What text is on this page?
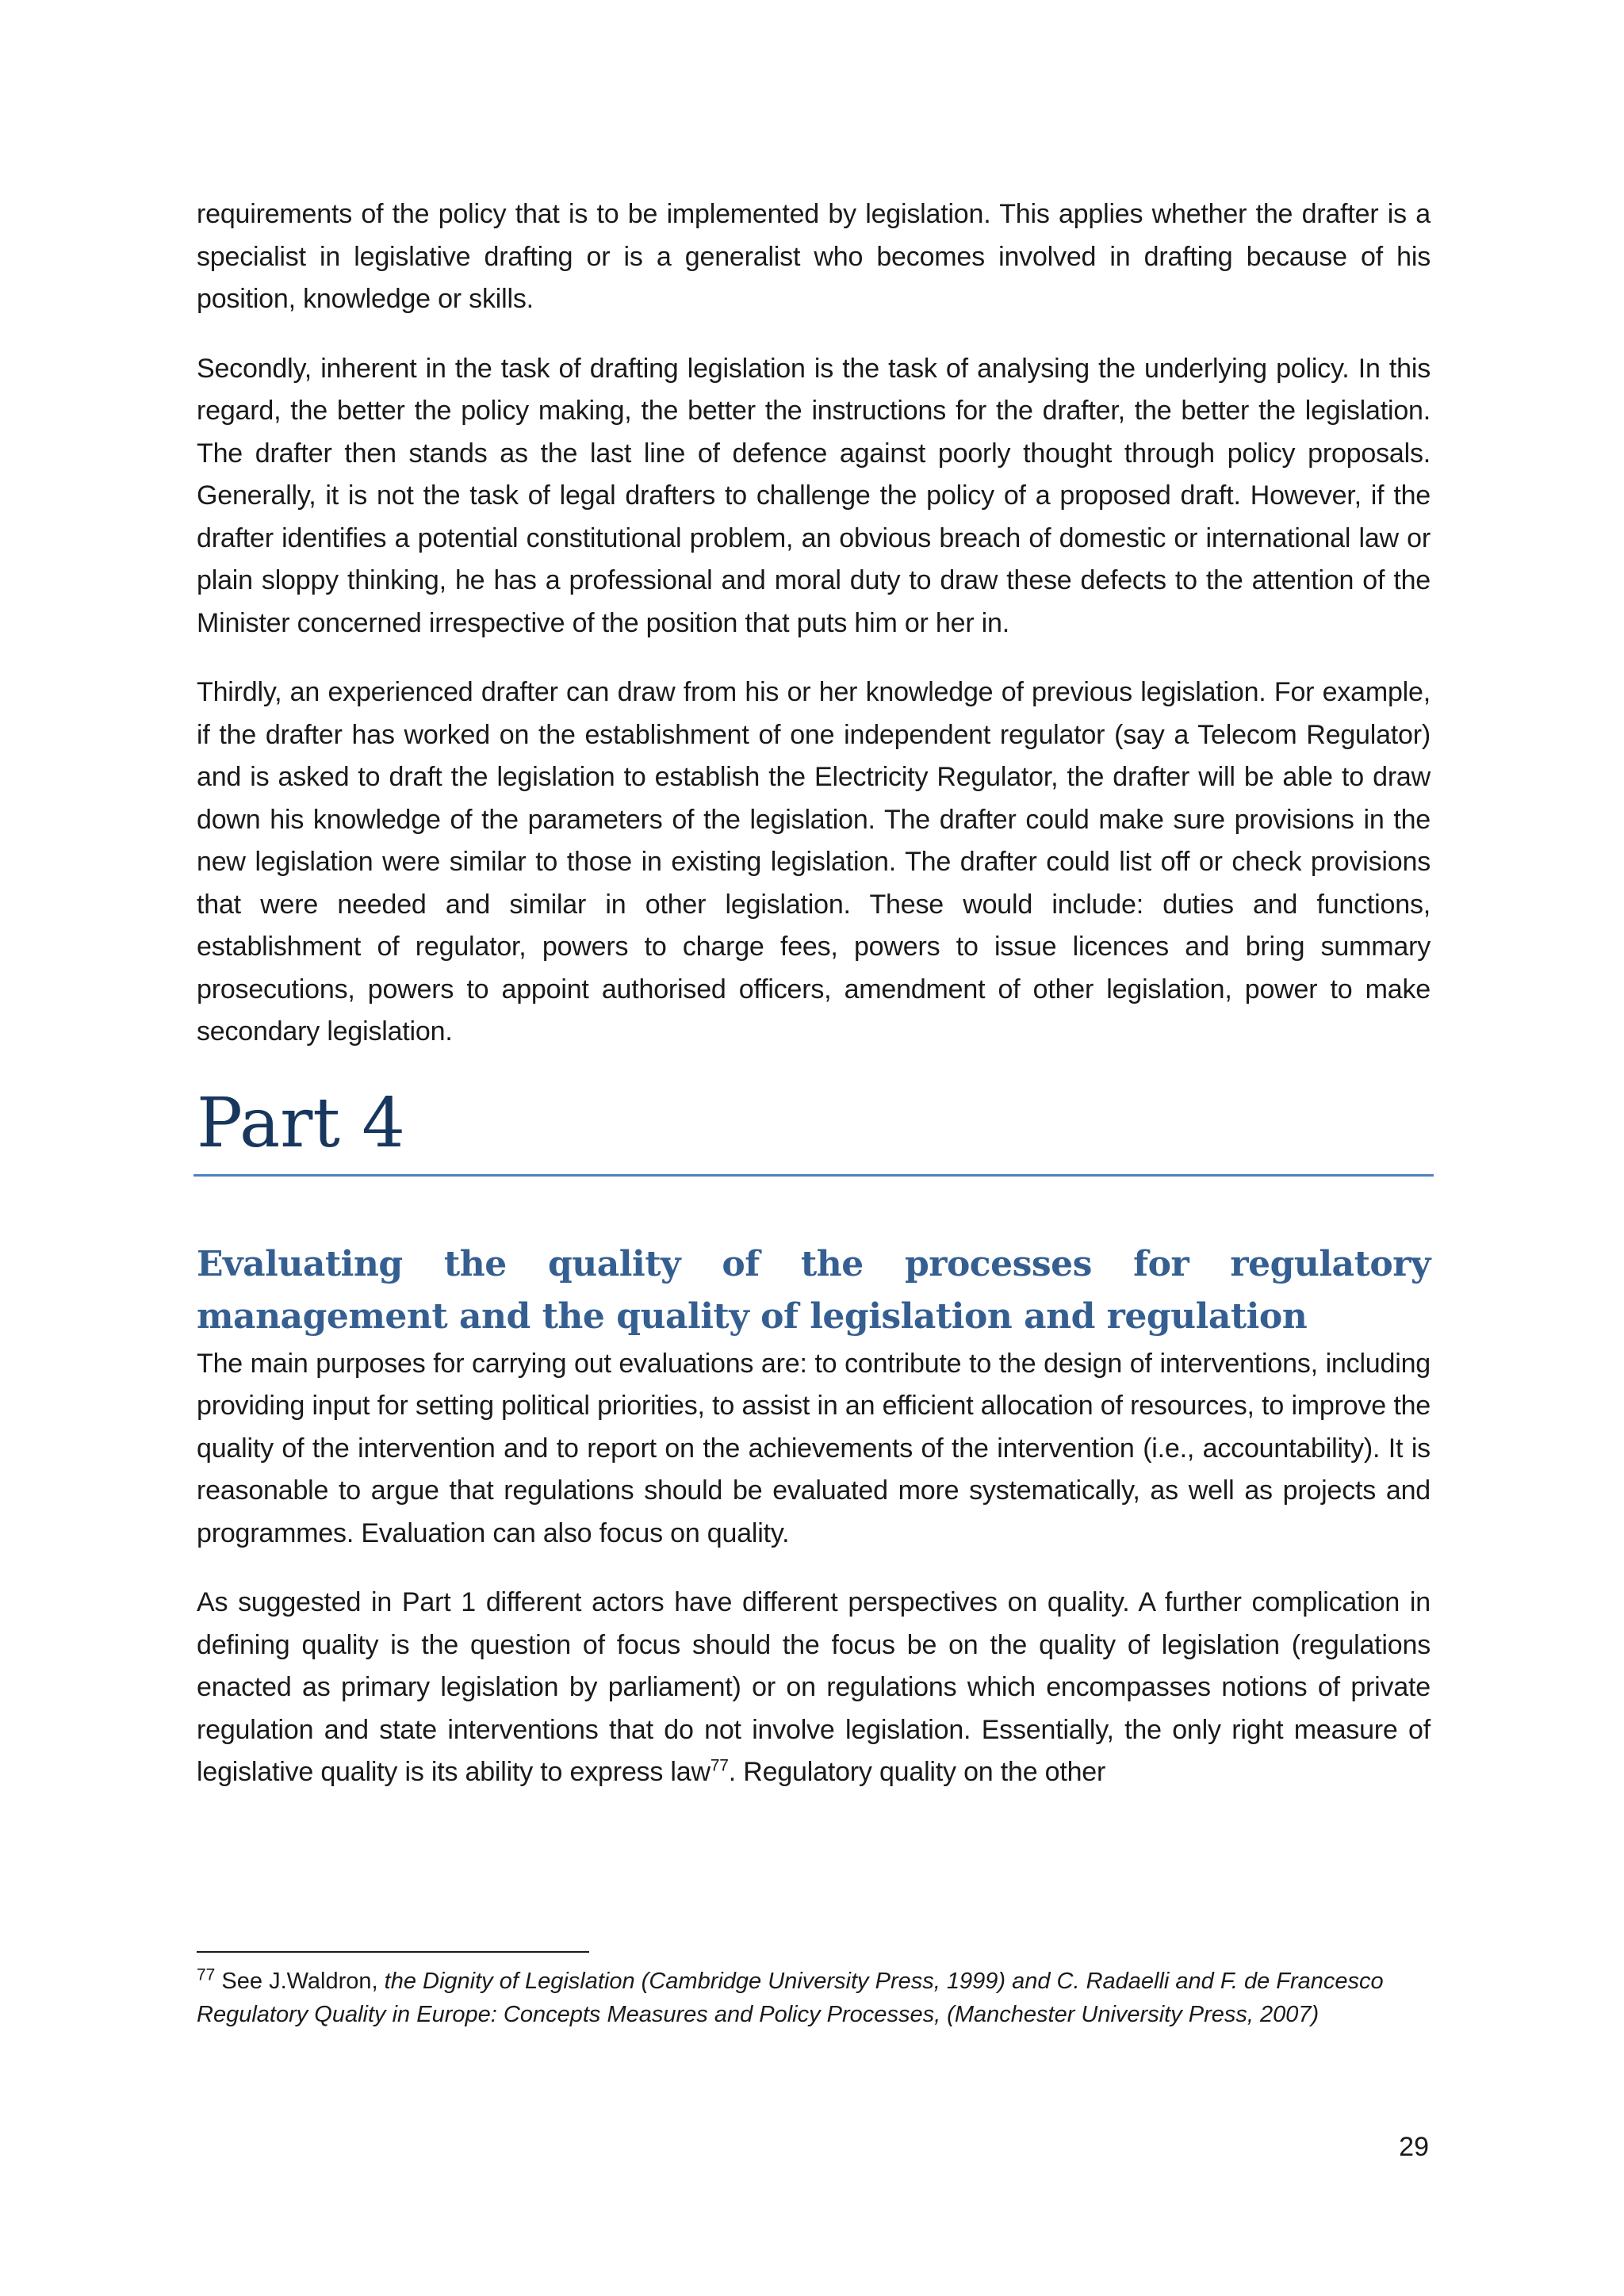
requirements of the policy that is to be implemented by legislation. This applies whether the drafter is a specialist in legislative drafting or is a generalist who becomes involved in drafting because of his position, knowledge or skills.

Secondly, inherent in the task of drafting legislation is the task of analysing the underlying policy. In this regard, the better the policy making, the better the instructions for the drafter, the better the legislation. The drafter then stands as the last line of defence against poorly thought through policy proposals. Generally, it is not the task of legal drafters to challenge the policy of a proposed draft. However, if the drafter identifies a potential constitutional problem, an obvious breach of domestic or international law or plain sloppy thinking, he has a professional and moral duty to draw these defects to the attention of the Minister concerned irrespective of the position that puts him or her in.

Thirdly, an experienced drafter can draw from his or her knowledge of previous legislation. For example, if the drafter has worked on the establishment of one independent regulator (say a Telecom Regulator) and is asked to draft the legislation to establish the Electricity Regulator, the drafter will be able to draw down his knowledge of the parameters of the legislation. The drafter could make sure provisions in the new legislation were similar to those in existing legislation. The drafter could list off or check provisions that were needed and similar in other legislation. These would include: duties and functions, establishment of regulator, powers to charge fees, powers to issue licences and bring summary prosecutions, powers to appoint authorised officers, amendment of other legislation, power to make secondary legislation.

Part 4
Evaluating the quality of the processes for regulatory management and the quality of legislation and regulation

The main purposes for carrying out evaluations are: to contribute to the design of interventions, including providing input for setting political priorities, to assist in an efficient allocation of resources, to improve the quality of the intervention and to report on the achievements of the intervention (i.e., accountability). It is reasonable to argue that regulations should be evaluated more systematically, as well as projects and programmes. Evaluation can also focus on quality.

As suggested in Part 1 different actors have different perspectives on quality. A further complication in defining quality is the question of focus should the focus be on the quality of legislation (regulations enacted as primary legislation by parliament) or on regulations which encompasses notions of private regulation and state interventions that do not involve legislation. Essentially, the only right measure of legislative quality is its ability to express law$^{77}$. Regulatory quality on the other

$^{77}$ See J.Waldron, the Dignity of Legislation (Cambridge University Press, 1999) and C. Radaelli and F. de Francesco Regulatory Quality in Europe: Concepts Measures and Policy Processes, (Manchester University Press, 2007)
29
